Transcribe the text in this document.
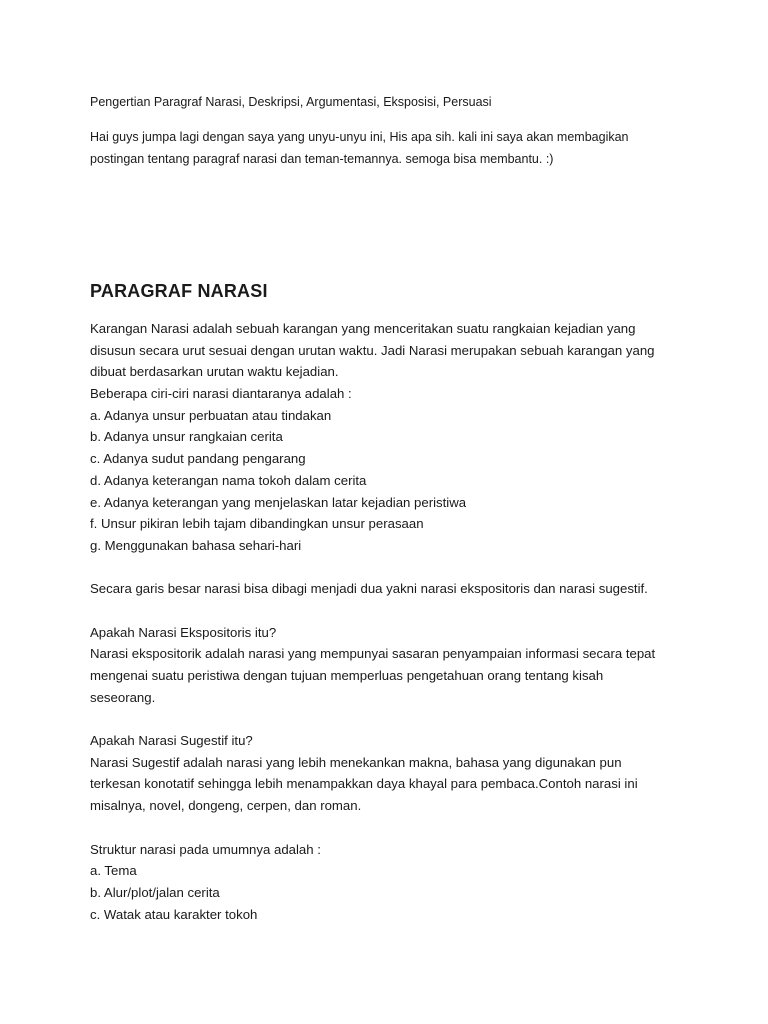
Pengertian Paragraf Narasi, Deskripsi, Argumentasi, Eksposisi, Persuasi
Hai guys jumpa lagi dengan saya yang unyu-unyu ini, His apa sih. kali ini saya akan membagikan
postingan tentang paragraf narasi dan teman-temannya. semoga bisa membantu. :)
PARAGRAF NARASI
Karangan Narasi adalah sebuah karangan yang menceritakan suatu rangkaian kejadian yang
disusun secara urut sesuai dengan urutan waktu. Jadi Narasi merupakan sebuah karangan yang
dibuat berdasarkan urutan waktu kejadian.
Beberapa ciri-ciri narasi diantaranya adalah :
a. Adanya unsur perbuatan atau tindakan
b. Adanya unsur rangkaian cerita
c. Adanya sudut pandang pengarang
d. Adanya keterangan nama tokoh dalam cerita
e. Adanya keterangan yang menjelaskan latar kejadian peristiwa
f. Unsur pikiran lebih tajam dibandingkan unsur perasaan
g. Menggunakan bahasa sehari-hari
Secara garis besar narasi bisa dibagi menjadi dua yakni narasi ekspositoris dan narasi sugestif.
Apakah Narasi Ekspositoris itu?
Narasi ekspositorik adalah narasi yang mempunyai sasaran penyampaian informasi secara tepat
mengenai suatu peristiwa dengan tujuan memperluas pengetahuan orang tentang kisah
seseorang.
Apakah Narasi Sugestif itu?
Narasi Sugestif adalah narasi yang lebih menekankan makna, bahasa yang digunakan pun
terkesan konotatif sehingga lebih menampakkan daya khayal para pembaca.Contoh narasi ini
misalnya, novel, dongeng, cerpen, dan roman.
Struktur narasi pada umumnya adalah :
a. Tema
b. Alur/plot/jalan cerita
c. Watak atau karakter tokoh
